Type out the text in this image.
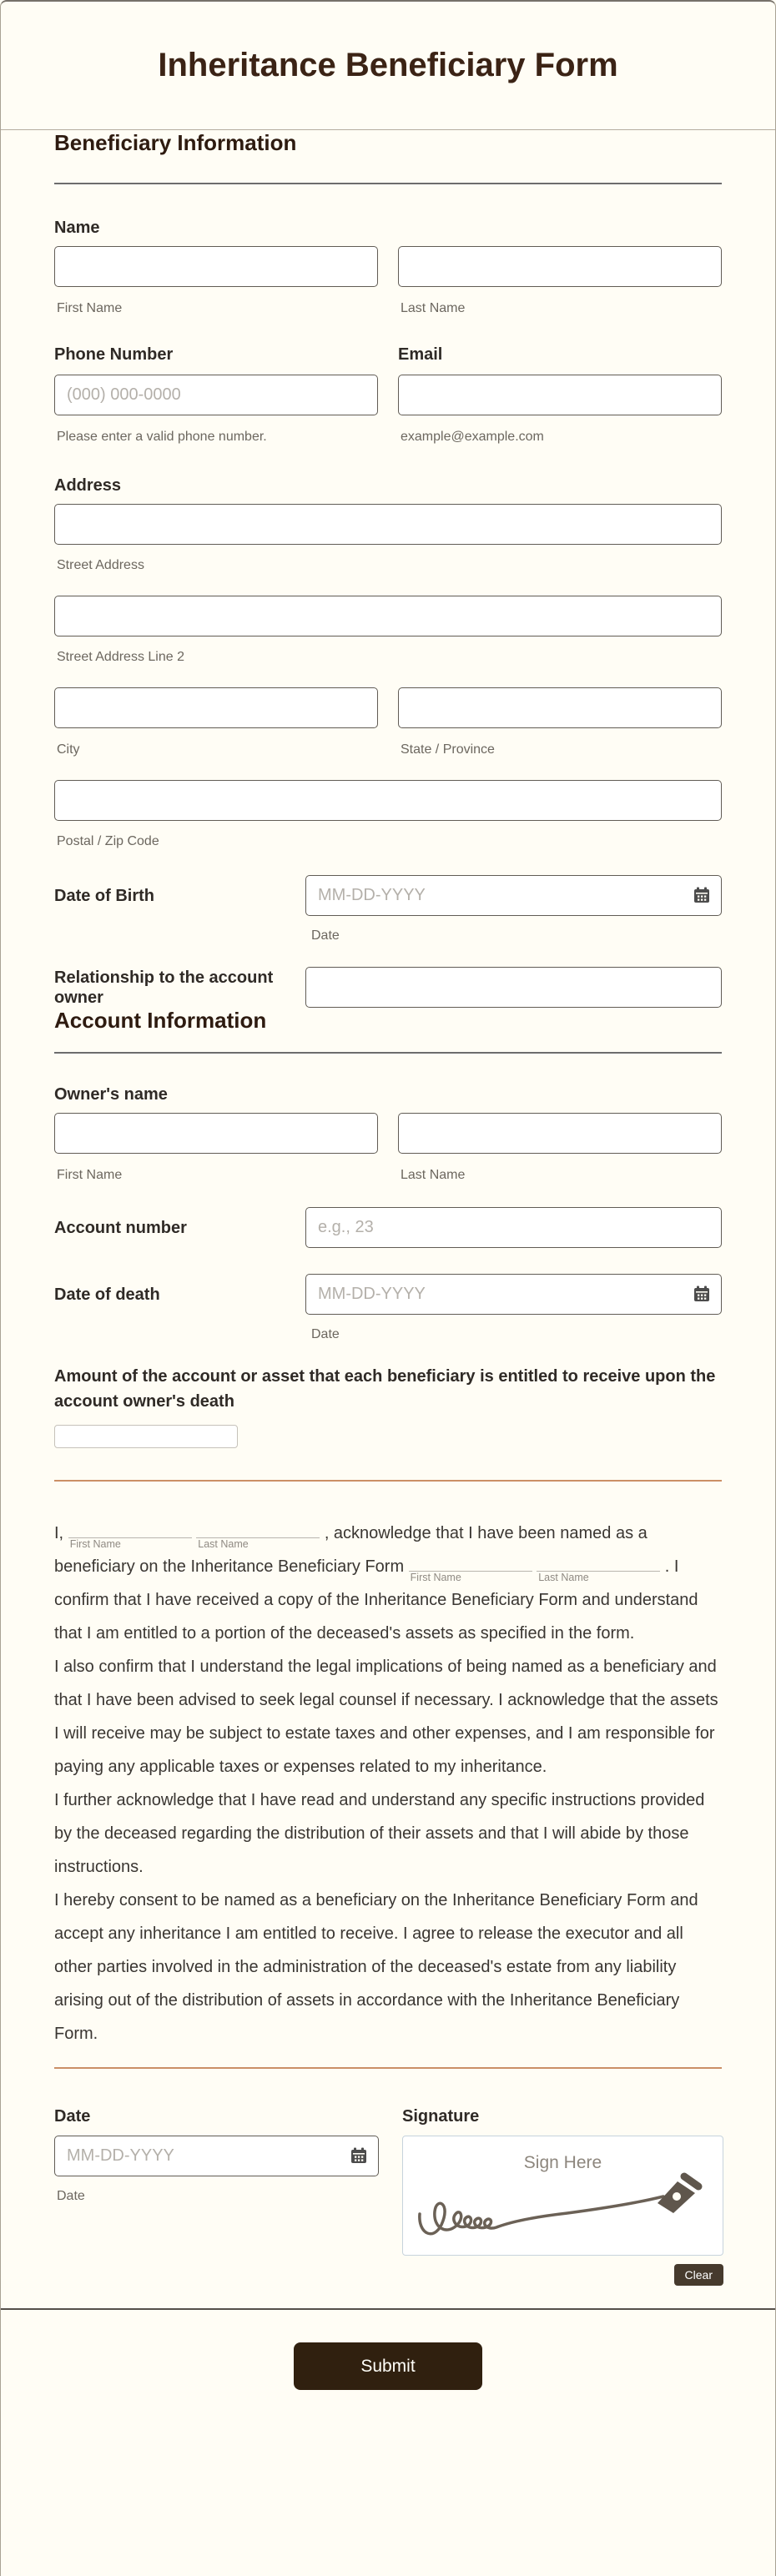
Inheritance Beneficiary Form
Beneficiary Information
Name
First Name	Last Name
Phone Number	Email
(000) 000-0000
Please enter a valid phone number.	example@example.com
Address
Street Address
Street Address Line 2
City	State / Province
Postal / Zip Code
Date of Birth
MM-DD-YYYY
Date
Relationship to the account owner
Account Information
Owner's name
First Name	Last Name
Account number
e.g., 23
Date of death
MM-DD-YYYY
Date
Amount of the account or asset that each beneficiary is entitled to receive upon the account owner's death

I,
First Name
	Last Name
, acknowledge that I have been named as a beneficiary on the Inheritance Beneficiary Form
First Name
	Last Name
. I confirm that I have received a copy of the Inheritance Beneficiary Form and understand that I am entitled to a portion of the deceased's assets as specified in the form.

I also confirm that I understand the legal implications of being named as a beneficiary and that I have been advised to seek legal counsel if necessary. I acknowledge that the assets I will receive may be subject to estate taxes and other expenses, and I am responsible for paying any applicable taxes or expenses related to my inheritance.

I further acknowledge that I have read and understand any specific instructions provided by the deceased regarding the distribution of their assets and that I will abide by those instructions.

I hereby consent to be named as a beneficiary on the Inheritance Beneficiary Form and accept any inheritance I am entitled to receive. I agree to release the executor and all other parties involved in the administration of the deceased's estate from any liability arising out of the distribution of assets in accordance with the Inheritance Beneficiary Form.

Date	Signature
MM-DD-YYYY
Date
Sign Here
Clear
Submit
